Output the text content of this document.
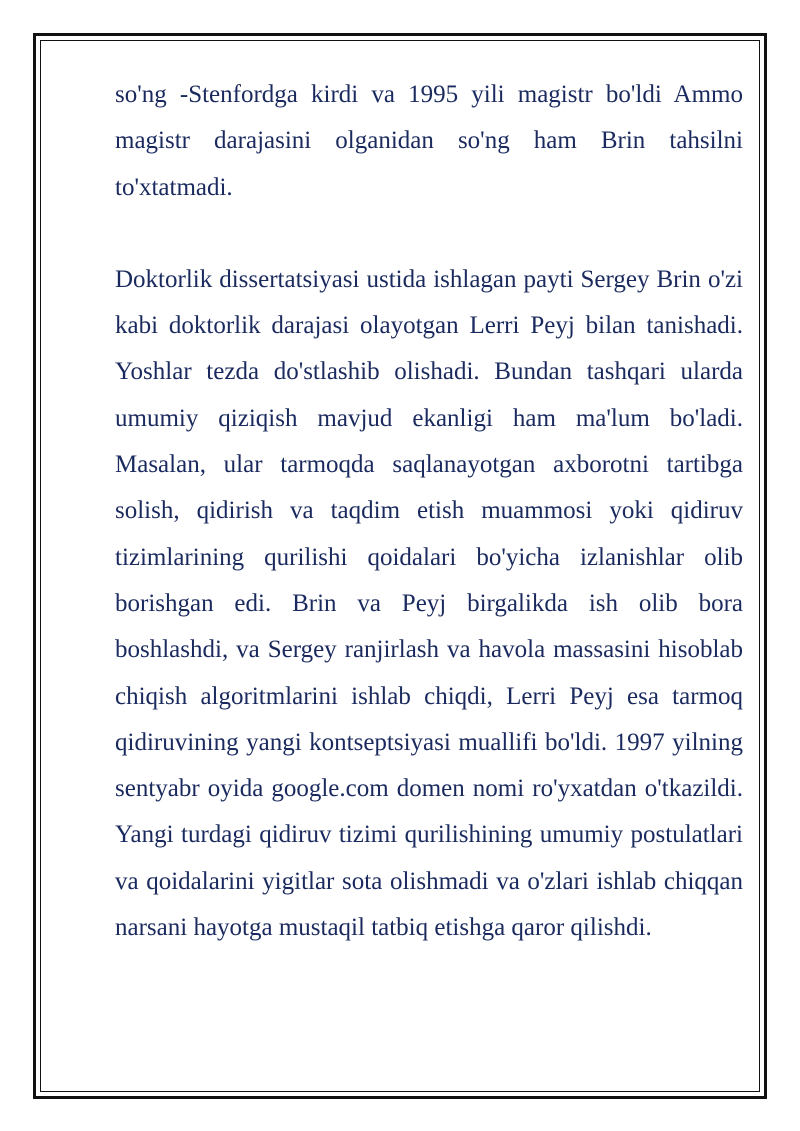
so'ng -Stenfordga kirdi va 1995 yili magistr bo'ldi Ammo magistr darajasini olganidan so'ng ham Brin tahsilni to'xtatmadi.

Doktorlik dissertatsiyasi ustida ishlagan payti Sergey Brin o'zi kabi doktorlik darajasi olayotgan Lerri Peyj bilan tanishadi. Yoshlar tezda do'stlashib olishadi. Bundan tashqari ularda umumiy qiziqish mavjud ekanligi ham ma'lum bo'ladi. Masalan, ular tarmoqda saqlanayotgan axborotni tartibga solish, qidirish va taqdim etish muammosi yoki qidiruv tizimlarining qurilishi qoidalari bo'yicha izlanishlar olib borishgan edi. Brin va Peyj birgalikda ish olib bora boshlashdi, va Sergey ranjirlash va havola massasini hisoblab chiqish algoritmlarini ishlab chiqdi, Lerri Peyj esa tarmoq qidiruvining yangi kontseptsiyasi muallifi bo'ldi. 1997 yilning sentyabr oyida google.com domen nomi ro'yxatdan o'tkazildi. Yangi turdagi qidiruv tizimi qurilishining umumiy postulatlari va qoidalarini yigitlar sota olishmadi va o'zlari ishlab chiqqan narsani hayotga mustaqil tatbiq etishga qaror qilishdi.
